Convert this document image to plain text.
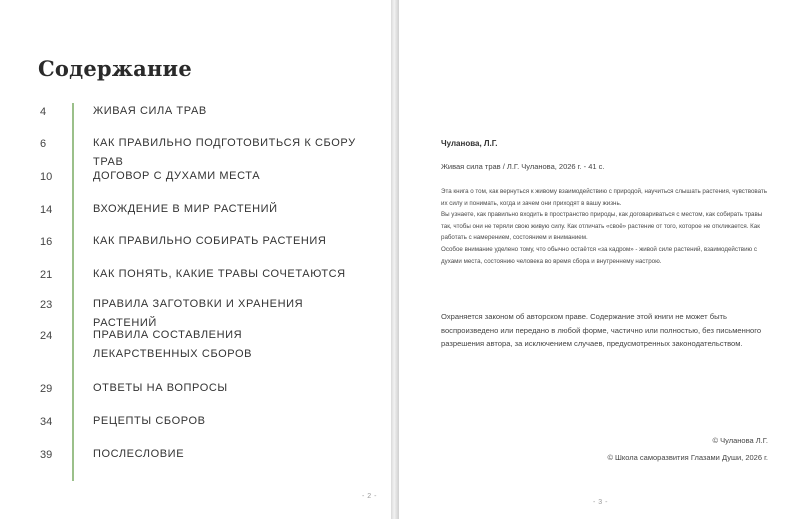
Содержание
4	ЖИВАЯ СИЛА ТРАВ
6	КАК ПРАВИЛЬНО ПОДГОТОВИТЬСЯ К СБОРУ ТРАВ
10	ДОГОВОР С ДУХАМИ МЕСТА
14	ВХОЖДЕНИЕ В МИР РАСТЕНИЙ
16	КАК ПРАВИЛЬНО СОБИРАТЬ РАСТЕНИЯ
21	КАК ПОНЯТЬ, КАКИЕ ТРАВЫ СОЧЕТАЮТСЯ
23	ПРАВИЛА ЗАГОТОВКИ И ХРАНЕНИЯ РАСТЕНИЙ
24	ПРАВИЛА СОСТАВЛЕНИЯ ЛЕКАРСТВЕННЫХ СБОРОВ
29	ОТВЕТЫ НА ВОПРОСЫ
34	РЕЦЕПТЫ СБОРОВ
39	ПОСЛЕСЛОВИЕ
- 2 -
Чуланова, Л.Г.
Живая сила трав / Л.Г. Чуланова, 2026 г. - 41 с.

Эта книга о том, как вернуться к живому взаимодействию с природой, научиться слышать растения, чувствовать их силу и понимать, когда и зачем они приходят в вашу жизнь.

Вы узнаете, как правильно входить в пространство природы, как договариваться с местом, как собирать травы так, чтобы они не теряли свою живую силу. Как отличать «своё» растение от того, которое не откликается. Как работать с намерением, состоянием и вниманием.

Особое внимание уделено тому, что обычно остаётся «за кадром» - живой силе растений, взаимодействию с духами места, состоянию человека во время сбора и внутреннему настрою.

Охраняется законом об авторском праве. Содержание этой книги не может быть воспроизведено или передано в любой форме, частично или полностью, без письменного разрешения автора, за исключением случаев, предусмотренных законодательством.
© Чуланова Л.Г.
© Школа саморазвития Глазами Души, 2026 г.
- 3 -
